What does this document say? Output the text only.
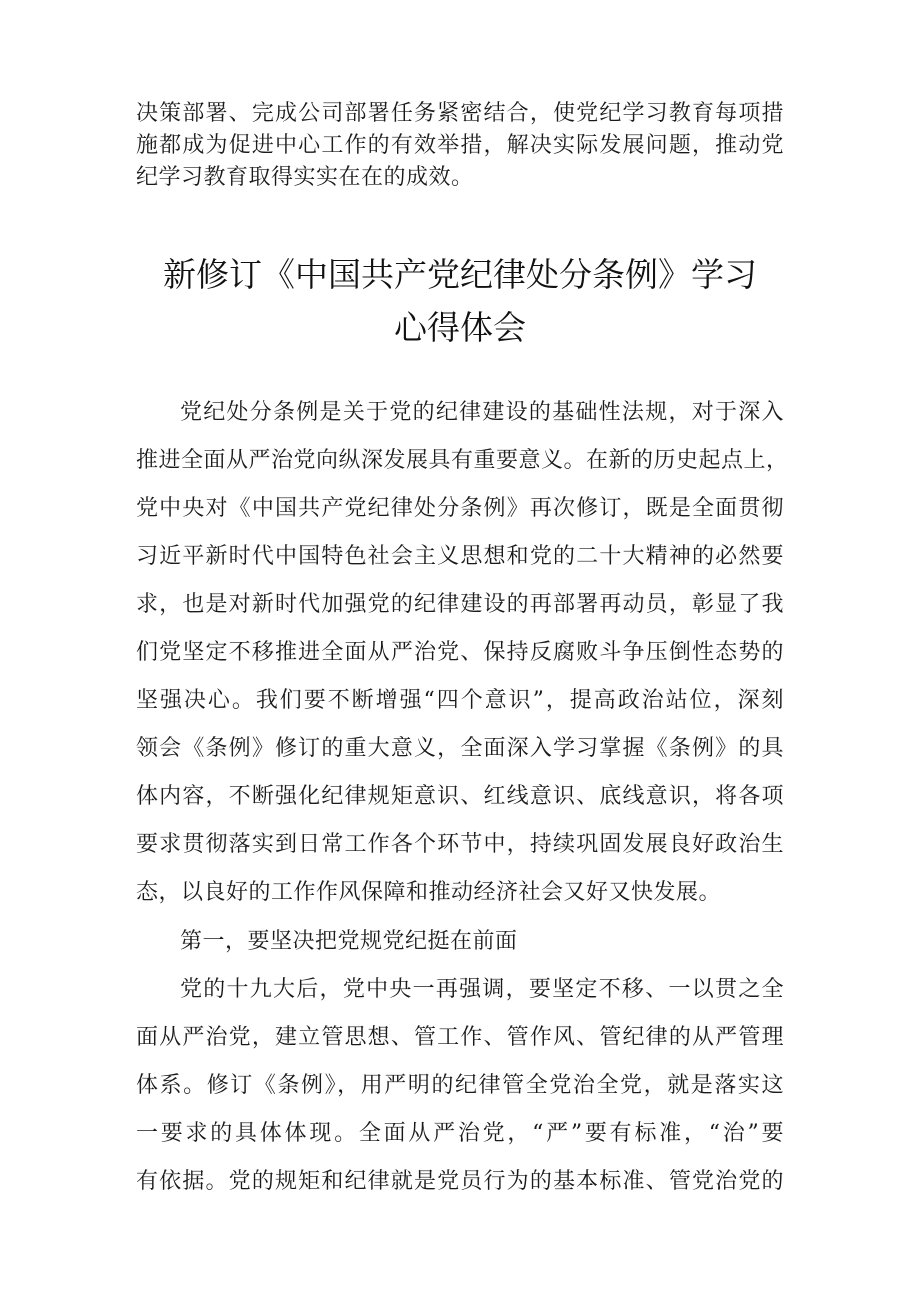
决策部署、完成公司部署任务紧密结合，使党纪学习教育每项措
施都成为促进中心工作的有效举措，解决实际发展问题，推动党
纪学习教育取得实实在在的成效。
新修订《中国共产党纪律处分条例》学习
心得体会
党纪处分条例是关于党的纪律建设的基础性法规，对于深入
推进全面从严治党向纵深发展具有重要意义。在新的历史起点上，
党中央对《中国共产党纪律处分条例》再次修订，既是全面贯彻
习近平新时代中国特色社会主义思想和党的二十大精神的必然要
求，也是对新时代加强党的纪律建设的再部署再动员，彰显了我
们党坚定不移推进全面从严治党、保持反腐败斗争压倒性态势的
坚强决心。我们要不断增强“四个意识”，提高政治站位，深刻
领会《条例》修订的重大意义，全面深入学习掌握《条例》的具
体内容，不断强化纪律规矩意识、红线意识、底线意识，将各项
要求贯彻落实到日常工作各个环节中，持续巩固发展良好政治生
态，以良好的工作作风保障和推动经济社会又好又快发展。
第一，要坚决把党规党纪挺在前面
党的十九大后，党中央一再强调，要坚定不移、一以贯之全
面从严治党，建立管思想、管工作、管作风、管纪律的从严管理
体系。修订《条例》，用严明的纪律管全党治全党，就是落实这
一要求的具体体现。全面从严治党，“严”要有标准，“治”要
有依据。党的规矩和纪律就是党员行为的基本标准、管党治党的
